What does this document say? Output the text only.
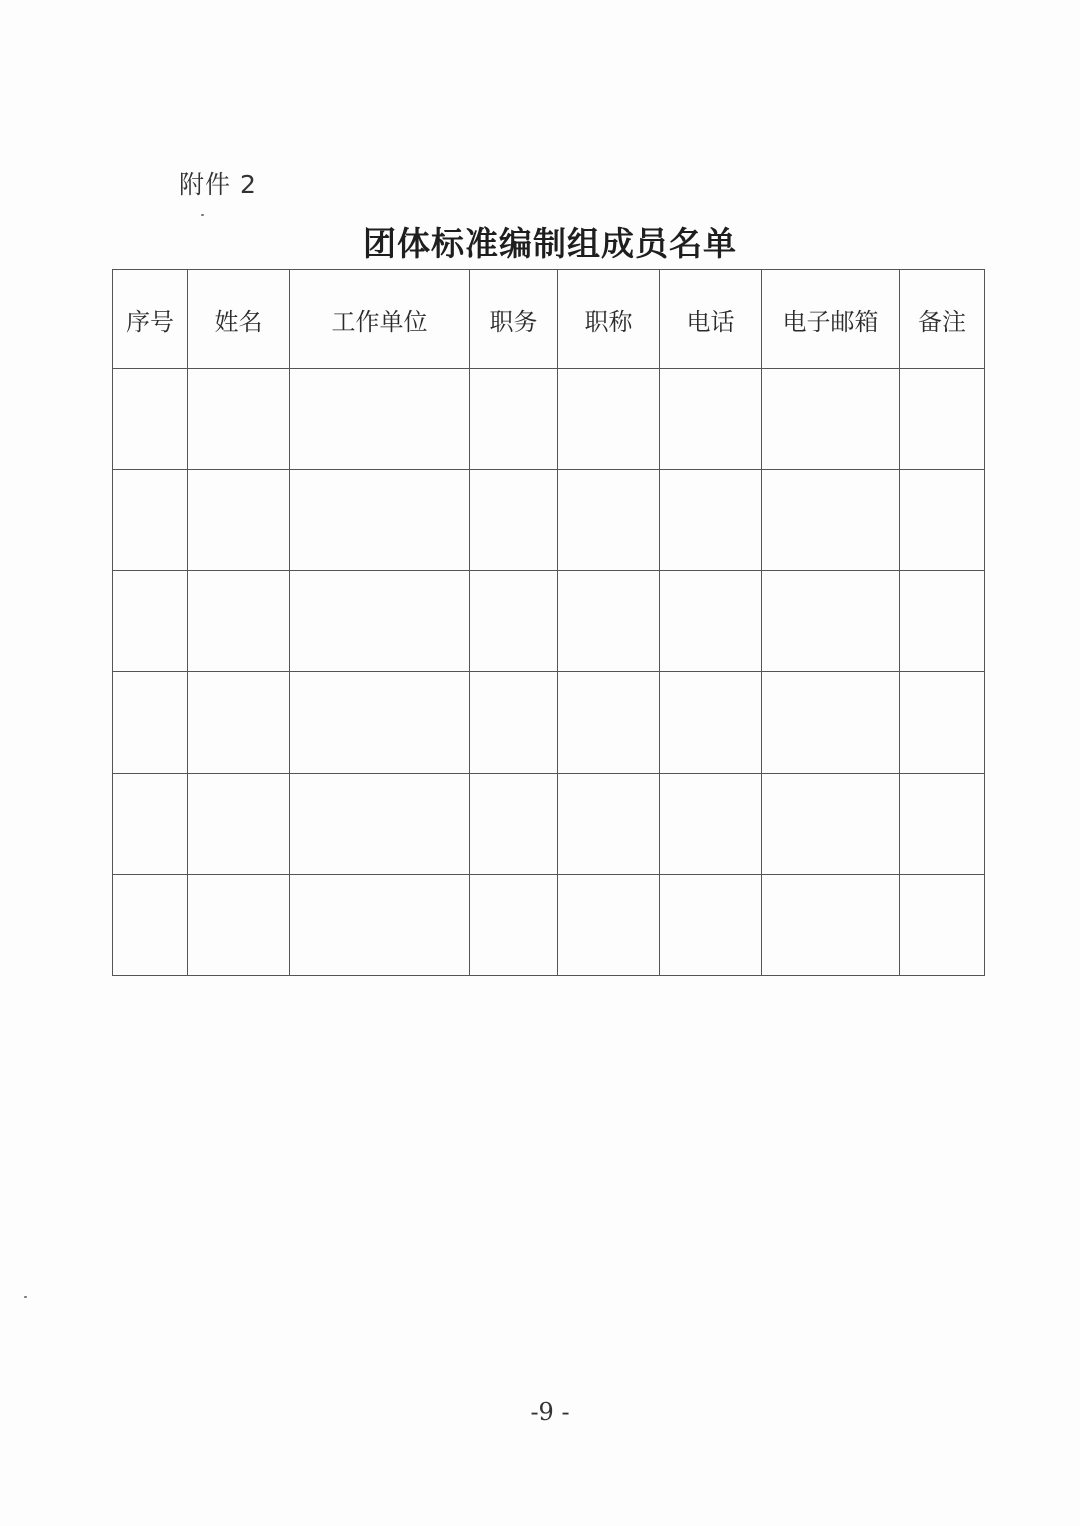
附件 2
团体标准编制组成员名单
序号	姓名	工作单位	职务	职称	电话	电子邮箱	备注

-9 -
